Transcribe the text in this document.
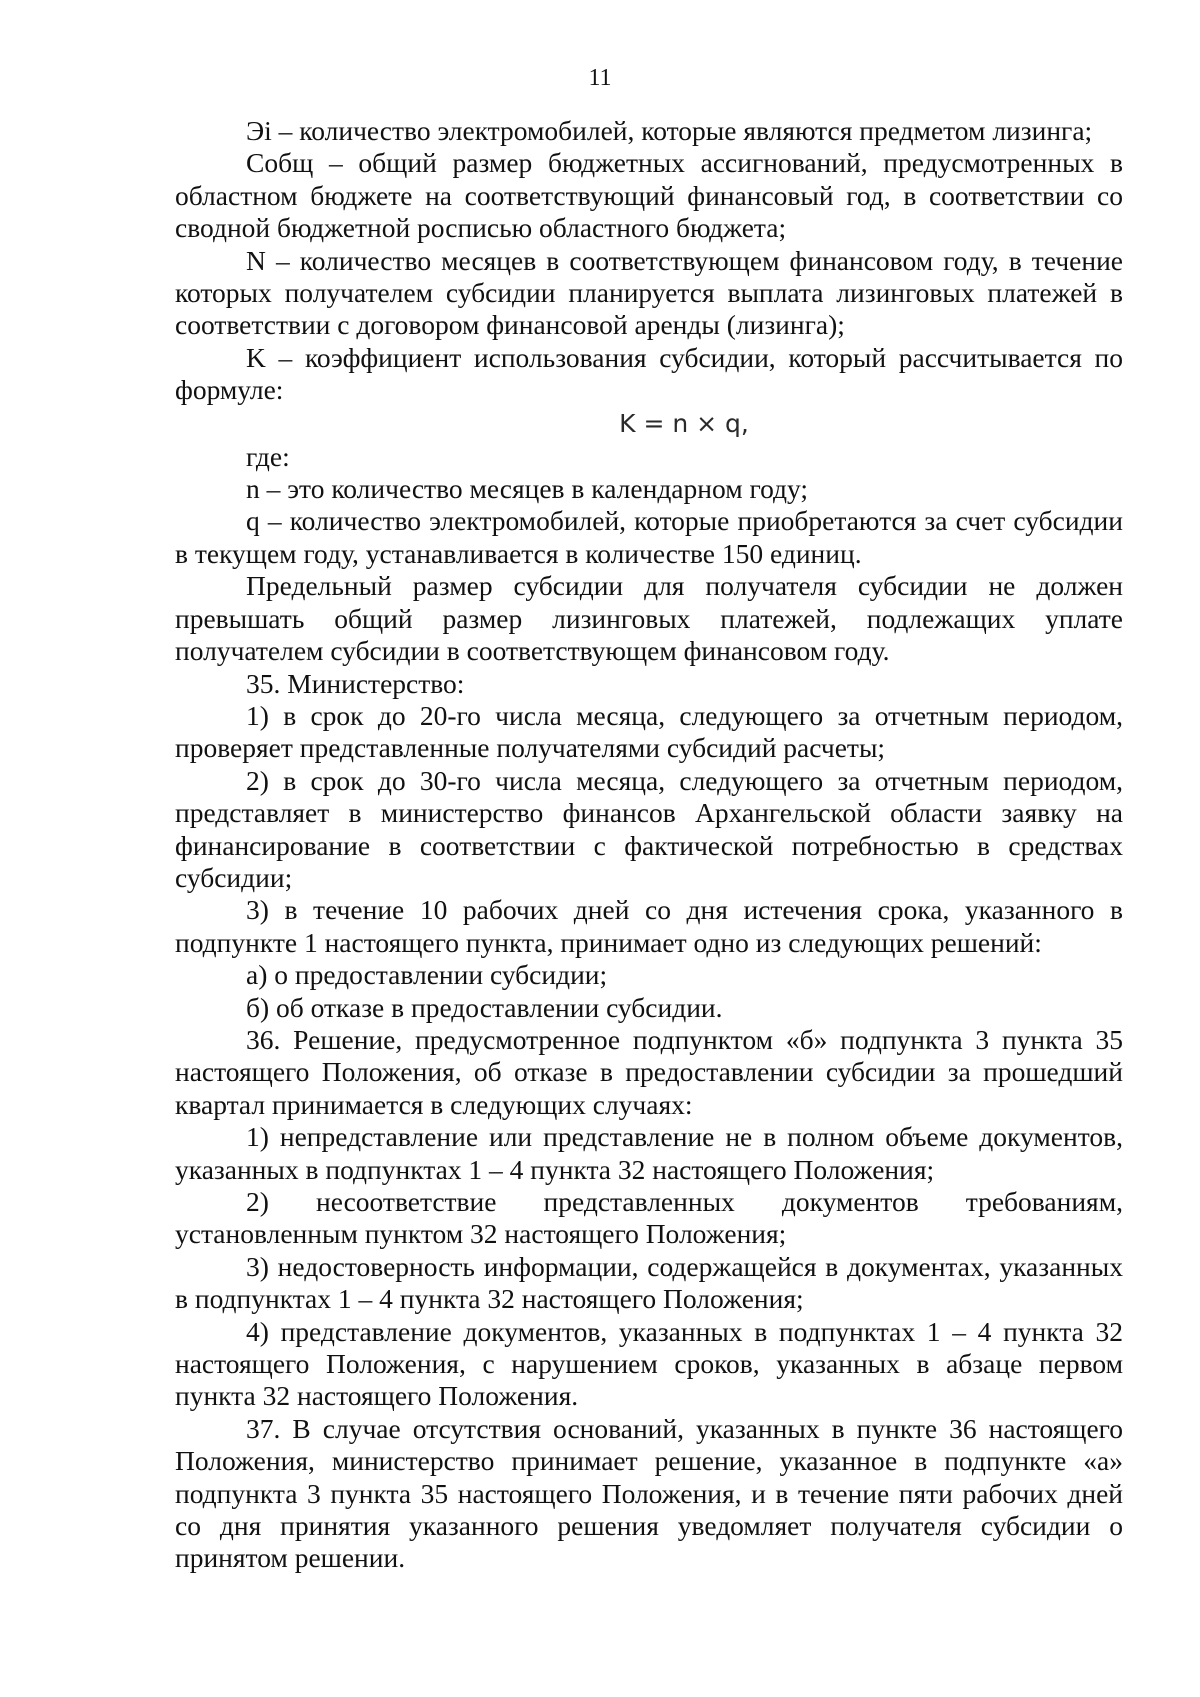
11

Эi – количество электромобилей, которые являются предметом лизинга;

Cобщ – общий размер бюджетных ассигнований, предусмотренных в областном бюджете на соответствующий финансовый год, в соответствии со сводной бюджетной росписью областного бюджета;

N – количество месяцев в соответствующем финансовом году, в течение которых получателем субсидии планируется выплата лизинговых платежей в соответствии с договором финансовой аренды (лизинга);

K – коэффициент использования субсидии, который рассчитывается по формуле:

K = n × q,

где:

n – это количество месяцев в календарном году;

q – количество электромобилей, которые приобретаются за счет субсидии в текущем году, устанавливается в количестве 150 единиц.

Предельный размер субсидии для получателя субсидии не должен превышать общий размер лизинговых платежей, подлежащих уплате получателем субсидии в соответствующем финансовом году.

35. Министерство:

1) в срок до 20-го числа месяца, следующего за отчетным периодом, проверяет представленные получателями субсидий расчеты;

2) в срок до 30-го числа месяца, следующего за отчетным периодом, представляет в министерство финансов Архангельской области заявку на финансирование в соответствии с фактической потребностью в средствах субсидии;

3) в течение 10 рабочих дней со дня истечения срока, указанного в подпункте 1 настоящего пункта, принимает одно из следующих решений:

а) о предоставлении субсидии;

б) об отказе в предоставлении субсидии.

36. Решение, предусмотренное подпунктом «б» подпункта 3 пункта 35 настоящего Положения, об отказе в предоставлении субсидии за прошедший квартал принимается в следующих случаях:

1) непредставление или представление не в полном объеме документов, указанных в подпунктах 1 – 4 пункта 32 настоящего Положения;

2) несоответствие представленных документов требованиям, установленным пунктом 32 настоящего Положения;

3) недостоверность информации, содержащейся в документах, указанных в подпунктах 1 – 4 пункта 32 настоящего Положения;

4) представление документов, указанных в подпунктах 1 – 4 пункта 32 настоящего Положения, с нарушением сроков, указанных в абзаце первом пункта 32 настоящего Положения.

37. В случае отсутствия оснований, указанных в пункте 36 настоящего Положения, министерство принимает решение, указанное в подпункте «а» подпункта 3 пункта 35 настоящего Положения, и в течение пяти рабочих дней со дня принятия указанного решения уведомляет получателя субсидии о принятом решении.
